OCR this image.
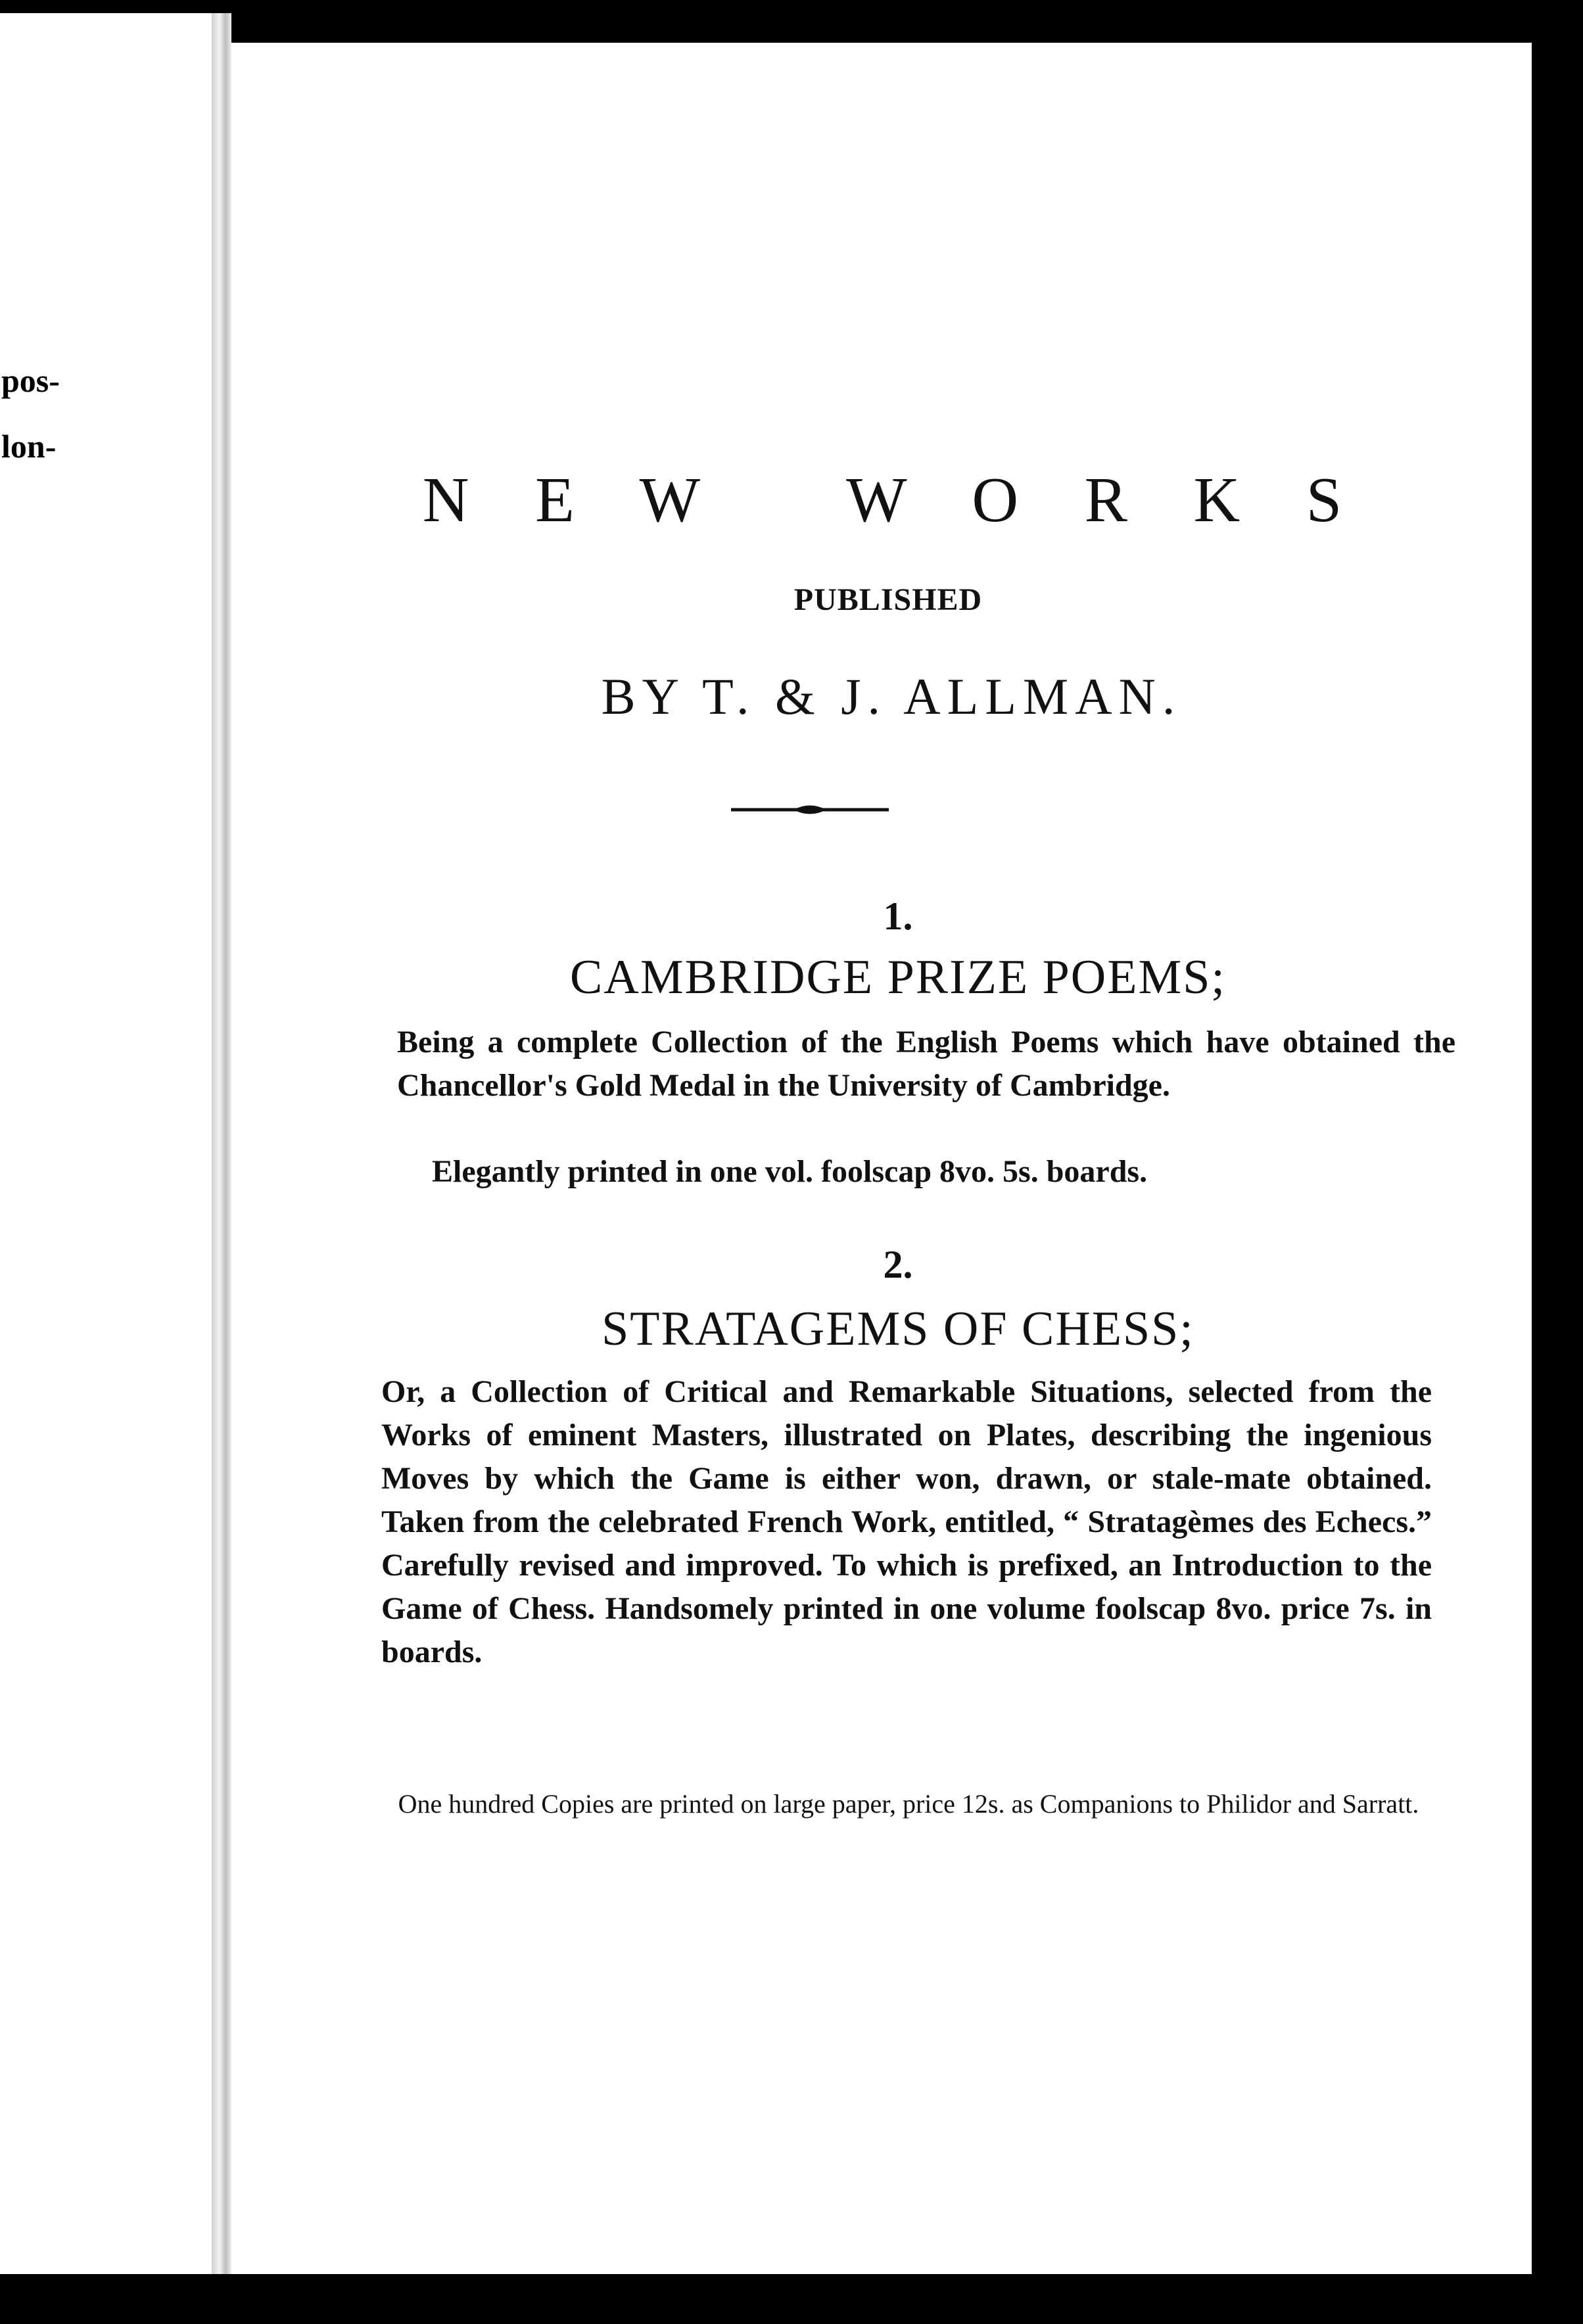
pos-
lon-
N E W   W O R K S
PUBLISHED
BY T. & J. ALLMAN.
1.
CAMBRIDGE PRIZE POEMS;
Being a complete Collection of the English Poems which have obtained the Chancellor's Gold Medal in the University of Cambridge.
Elegantly printed in one vol. foolscap 8vo. 5s. boards.
2.
STRATAGEMS OF CHESS;
Or, a Collection of Critical and Remarkable Situations, selected from the Works of eminent Masters, illustrated on Plates, describing the ingenious Moves by which the Game is either won, drawn, or stale-mate obtained. Taken from the celebrated French Work, entitled, “ Stratagèmes des Echecs.” Carefully revised and improved. To which is prefixed, an Introduction to the Game of Chess. Handsomely printed in one volume foolscap 8vo. price 7s. in boards.
One hundred Copies are printed on large paper, price 12s. as Companions to Philidor and Sarratt.
